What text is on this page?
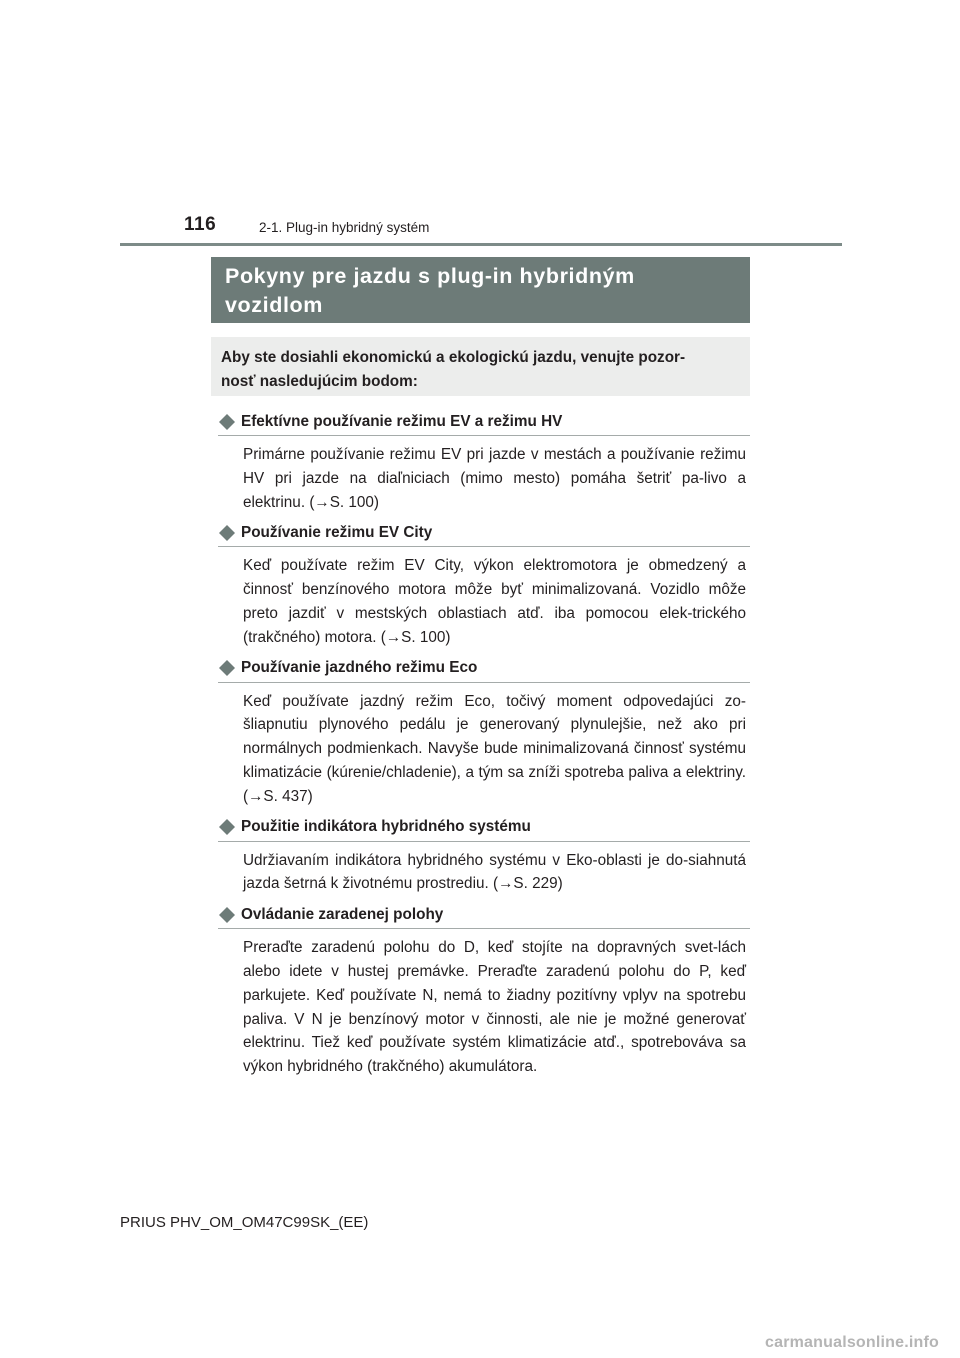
116	2-1. Plug-in hybridný systém
Pokyny pre jazdu s plug-in hybridným
vozidlom
Aby ste dosiahli ekonomickú a ekologickú jazdu, venujte pozor-
nosť nasledujúcim bodom:
Efektívne používanie režimu EV a režimu HV
Primárne používanie režimu EV pri jazde v mestách a používanie režimu HV pri jazde na diaľniciach (mimo mesto) pomáha šetriť pa-livo a elektrinu. (→S. 100)
Používanie režimu EV City
Keď používate režim EV City, výkon elektromotora je obmedzený a činnosť benzínového motora môže byť minimalizovaná. Vozidlo môže preto jazdiť v mestských oblastiach atď. iba pomocou elek-trického (trakčného) motora. (→S. 100)
Používanie jazdného režimu Eco
Keď používate jazdný režim Eco, točivý moment odpovedajúci zo-šliapnutiu plynového pedálu je generovaný plynulejšie, než ako pri normálnych podmienkach. Navyše bude minimalizovaná činnosť systému klimatizácie (kúrenie/chladenie), a tým sa zníži spotreba paliva a elektriny. (→S. 437)
Použitie indikátora hybridného systému
Udržiavaním indikátora hybridného systému v Eko-oblasti je do-siahnutá jazda šetrná k životnému prostrediu. (→S. 229)
Ovládanie zaradenej polohy
Preraďte zaradenú polohu do D, keď stojíte na dopravných svet-lách alebo idete v hustej premávke. Preraďte zaradenú polohu do P, keď parkujete. Keď používate N, nemá to žiadny pozitívny vplyv na spotrebu paliva. V N je benzínový motor v činnosti, ale nie je možné generovať elektrinu. Tiež keď používate systém klimatizácie atď., spotrebováva sa výkon hybridného (trakčného) akumulátora.
PRIUS PHV_OM_OM47C99SK_(EE)
carmanualsonline.info
